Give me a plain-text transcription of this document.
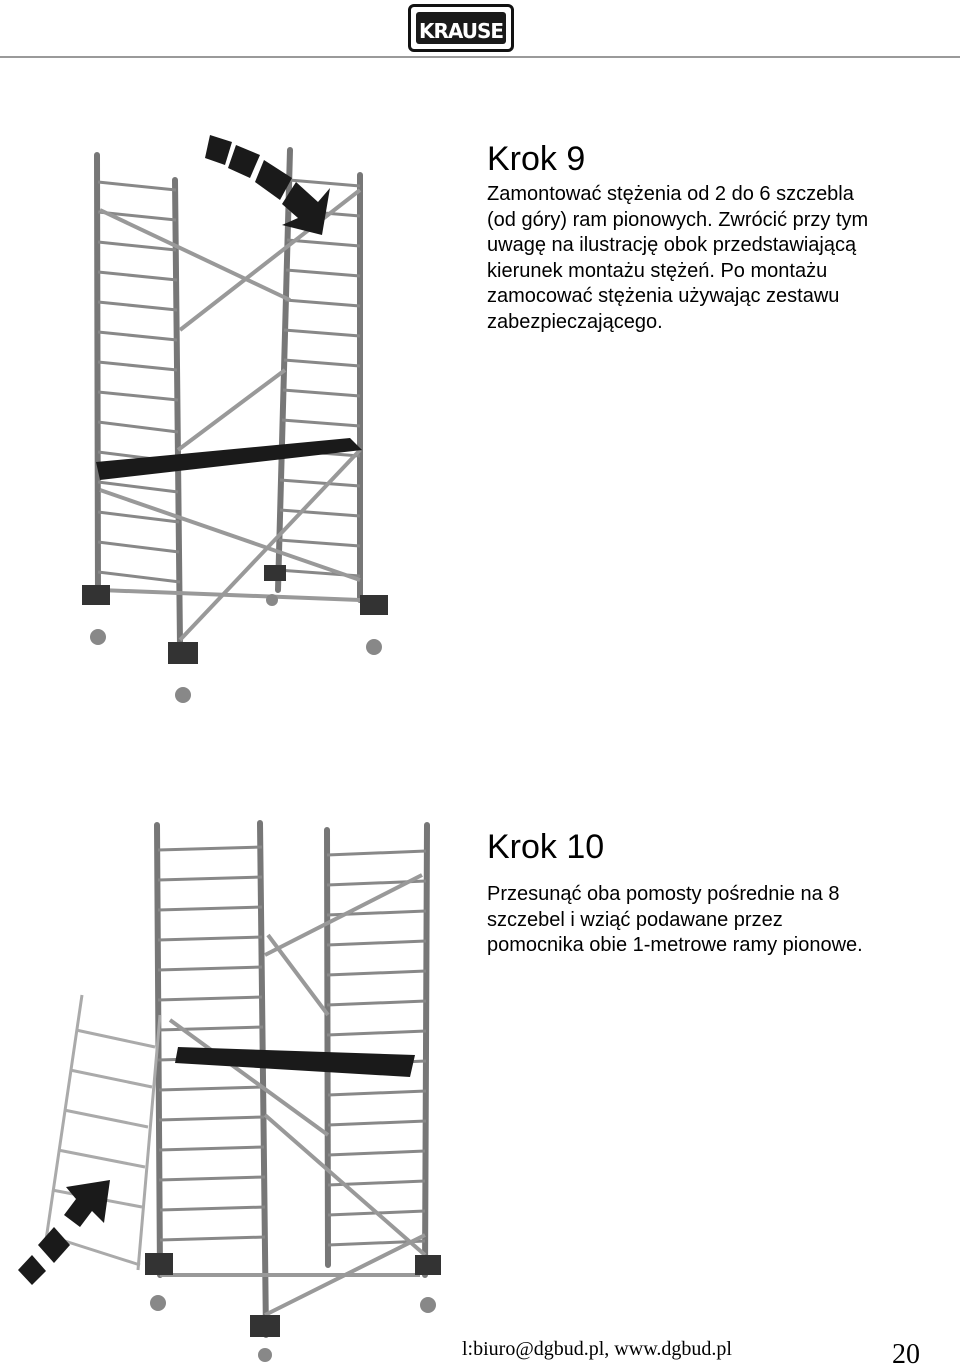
KRAUSE
Krok 9
Zamontować stężenia od 2 do 6 szczebla
(od góry) ram pionowych. Zwrócić przy tym
uwagę na ilustrację obok przedstawiającą
kierunek montażu stężeń. Po montażu
zamocować stężenia używając zestawu
zabezpieczającego.
Krok 10
Przesunąć oba pomosty pośrednie na 8
szczebel i wziąć podawane przez
pomocnika obie 1-metrowe ramy pionowe.
l:biuro@dgbud.pl, www.dgbud.pl	20
